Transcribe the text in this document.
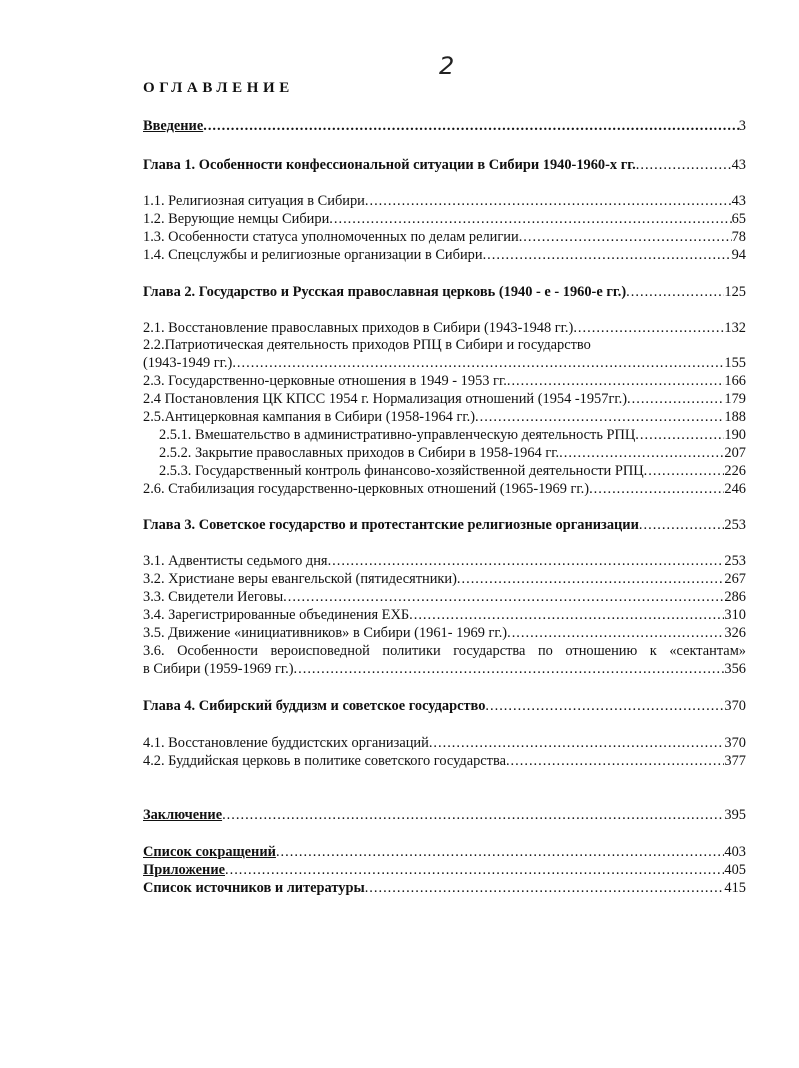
2
ОГЛАВЛЕНИЕ
Введение .....	3
Глава 1. Особенности конфессиональной ситуации в Сибири 1940-1960-х гг. .....	43
1.1. Религиозная ситуация в Сибири .....	43
1.2. Верующие немцы Сибири .....	65
1.3. Особенности статуса уполномоченных по делам религии .....	78
1.4. Спецслужбы и религиозные организации в Сибири .....	94
Глава 2. Государство и Русская православная церковь (1940 - е - 1960-е гг.) .....	125
2.1. Восстановление православных приходов в Сибири (1943-1948 гг.) .....	132
2.2.Патриотическая деятельность приходов РПЦ в Сибири и государство
(1943-1949 гг.) .....	155
2.3. Государственно-церковные отношения в 1949 - 1953 гг. .....	166
2.4 Постановления ЦК КПСС 1954 г. Нормализация отношений (1954 -1957гг.) .....	179
2.5.Антицерковная кампания в Сибири (1958-1964 гг.) .....	188
2.5.1. Вмешательство в административно-управленческую деятельность РПЦ .....	190
2.5.2. Закрытие православных приходов в Сибири в 1958-1964 гг. .....	207
2.5.3. Государственный контроль финансово-хозяйственной деятельности РПЦ .....	226
2.6. Стабилизация государственно-церковных отношений (1965-1969 гг.) .....	246
Глава 3. Советское государство и протестантские религиозные организации .....	253
3.1. Адвентисты седьмого дня .....	253
3.2. Христиане веры евангельской (пятидесятники) .....	267
3.3. Свидетели Иеговы .....	286
3.4. Зарегистрированные объединения ЕХБ .....	310
3.5. Движение «инициативников» в Сибири (1961- 1969 гг.) .....	326
3.6. Особенности вероисповедной политики государства по отношению к «сектантам»
в Сибири (1959-1969 гг.) .....	356
Глава 4. Сибирский буддизм и советское государство .....	370
4.1. Восстановление буддистских организаций .....	370
4.2. Буддийская церковь в политике советского государства .....	377
Заключение .....	395
Список сокращений .....	403
Приложение .....	405
Список источников и литературы .....	415
